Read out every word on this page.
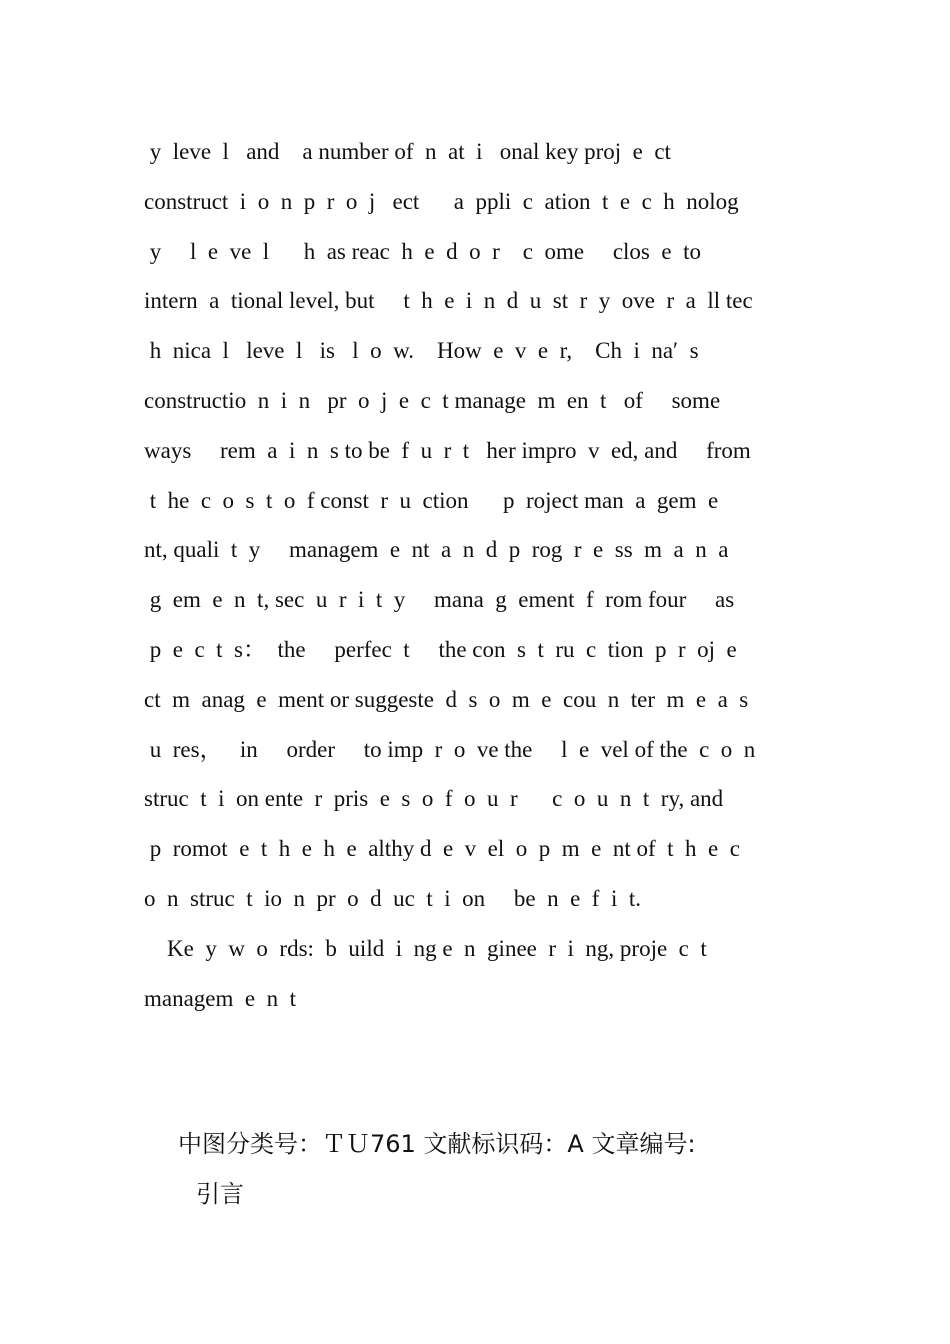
y  leve  l   and    a number of  n  at  i   onal key proj  e  ct
construct  i  o  n  p  r  o  j   ect      a  ppli  c  ation  t  e  c  h  nolog
y     l  e  ve  l      h  as reac  h  e  d  o  r    c  ome     clos  e  to
intern  a  tional level, but     t  h  e  i  n  d  u  st  r  y  ove  r  a  ll tec
h  nica  l   leve  l   is   l  o  w.    How  e  v  e  r,    Ch  i  na′  s
constructio  n  i  n   pr  o  j  e  c  t manage  m  en  t   of     some
ways     rem  a  i  n  s to be  f  u  r  t   her impro  v  ed, and     from
t  he  c  o  s  t  o  f const  r  u  ction      p  roject man  a  gem  e
nt, quali  t  y     managem  e  nt  a  n  d  p  rog  r  e  ss  m  a  n  a
g  em  e  n  t, sec  u  r  i  t  y     mana  g  ement  f  rom four     as
p  e  c  t  s：  the     perfec  t     the con  s  t  ru  c  tion  p  r  oj  e
ct  m  anag  e  ment or suggeste  d  s  o  m  e  cou  n  ter  m  e  a  s
u  res，   in     order     to imp  r  o  ve the     l  e  vel of the  c  o  n
struc  t  i  on ente  r  pris  e  s  o  f  o  u  r      c  o  u  n  t  ry, and
p  romot  e  t  h  e  h  e  althy d  e  v  el  o  p  m  e  nt of  t  h  e  c
o  n  struc  t  io  n  pr  o  d  uc  t  i  on     be  n  e  f  i  t.
Ke  y  w  o  rds:  b  uild  i  ng e  n  ginee  r  i  ng, proje  c  t
managem  e  n  t
中图分类号：ＴＵ761 文献标识码：A 文章编号:
引言
